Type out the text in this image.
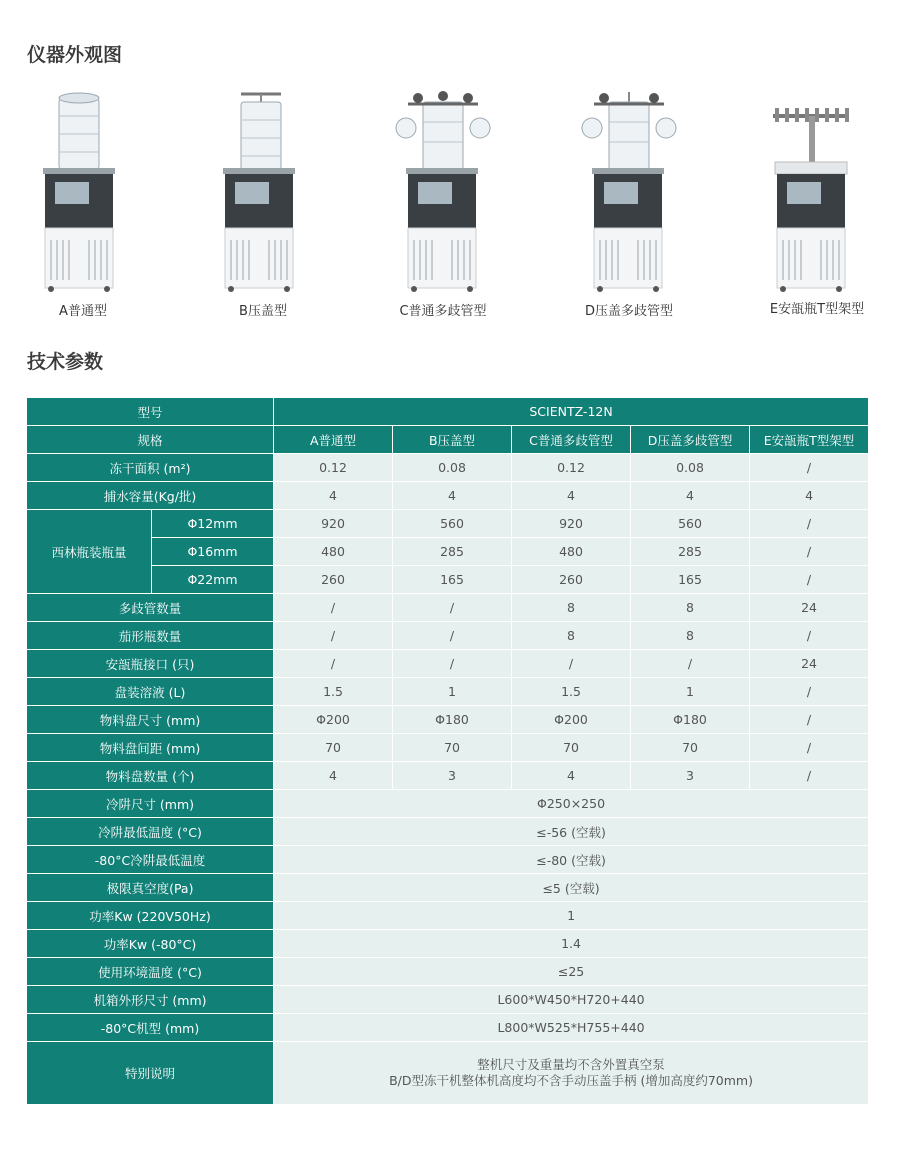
仪器外观图
A普通型	B压盖型	C普通多歧管型	D压盖多歧管型	E安瓿瓶T型架型
技术参数
型号		SCIENTZ-12N				
规格		A普通型	B压盖型	C普通多歧管型	D压盖多歧管型	E安瓿瓶T型架型
冻干面积 (m²)		0.12	0.08	0.12	0.08	/
捕水容量(Kg/批)		4	4	4	4	4
西林瓶装瓶量	Φ12mm	920	560	920	560	/
	Φ16mm	480	285	480	285	/
	Φ22mm	260	165	260	165	/
多歧管数量		/	/	8	8	24
茄形瓶数量		/	/	8	8	/
安瓿瓶接口 (只)		/	/	/	/	24
盘装溶液 (L)		1.5	1	1.5	1	/
物料盘尺寸 (mm)		Φ200	Φ180	Φ200	Φ180	/
物料盘间距 (mm)		70	70	70	70	/
物料盘数量 (个)		4	3	4	3	/
冷阱尺寸 (mm)		Φ250×250				
冷阱最低温度 (°C)		≤-56 (空载)				
-80°C冷阱最低温度		≤-80 (空载)				
极限真空度(Pa)		≤5 (空载)				
功率Kw (220V50Hz)		1				
功率Kw (-80°C)		1.4				
使用环境温度 (°C)		≤25				
机箱外形尺寸 (mm)		L600*W450*H720+440				
-80°C机型 (mm)		L800*W525*H755+440				
特别说明		整机尺寸及重量均不含外置真空泵
B/D型冻干机整体机高度均不含手动压盖手柄 (增加高度约70mm)				
